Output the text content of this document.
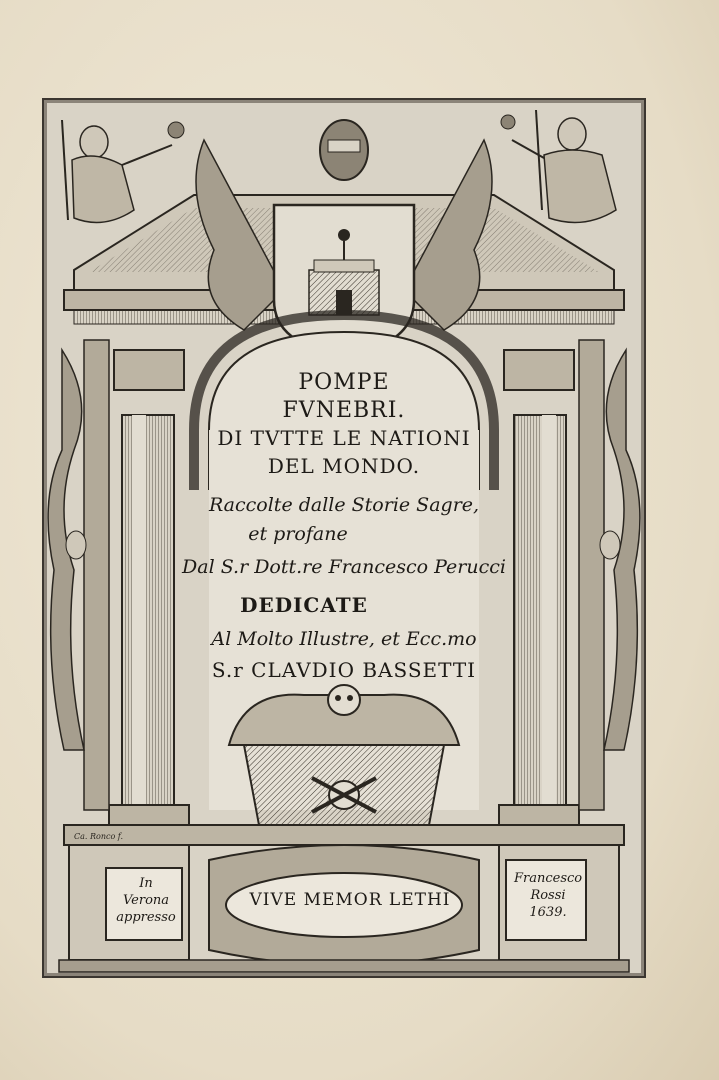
POMPE
FVNEBRI.
DI TVTTE LE NATIONI
DEL MONDO.
Raccolte dalle Storie Sagre,
et profane
Dal S.r Dott.re Francesco Perucci
DEDICATE
Al Molto Illustre, et Ecc.mo
S.r CLAVDIO BASSETTI
Ca. Ronco f.
VIVE MEMOR LETHI
In
Verona
appresso
Francesco
Rossi
1639.
